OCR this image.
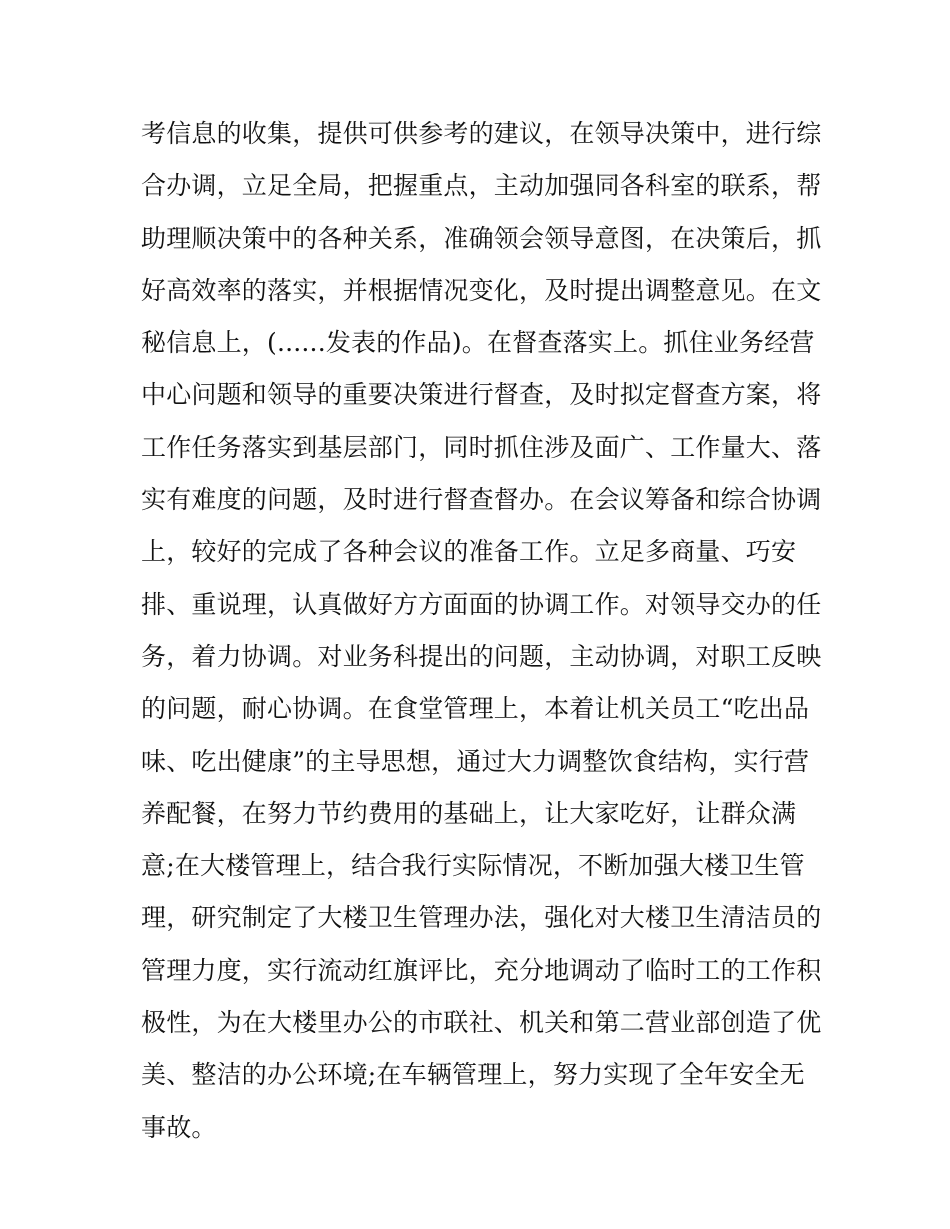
考信息的收集，提供可供参考的建议，在领导决策中，进行综
合办调，立足全局，把握重点，主动加强同各科室的联系，帮
助理顺决策中的各种关系，准确领会领导意图，在决策后，抓
好高效率的落实，并根据情况变化，及时提出调整意见。在文
秘信息上，(......发表的作品)。在督查落实上。抓住业务经营
中心问题和领导的重要决策进行督查，及时拟定督查方案，将
工作任务落实到基层部门，同时抓住涉及面广、工作量大、落
实有难度的问题，及时进行督查督办。在会议筹备和综合协调
上，较好的完成了各种会议的准备工作。立足多商量、巧安
排、重说理，认真做好方方面面的协调工作。对领导交办的任
务，着力协调。对业务科提出的问题，主动协调，对职工反映
的问题，耐心协调。在食堂管理上，本着让机关员工“吃出品
味、吃出健康”的主导思想，通过大力调整饮食结构，实行营
养配餐，在努力节约费用的基础上，让大家吃好，让群众满
意;在大楼管理上，结合我行实际情况，不断加强大楼卫生管
理，研究制定了大楼卫生管理办法，强化对大楼卫生清洁员的
管理力度，实行流动红旗评比，充分地调动了临时工的工作积
极性，为在大楼里办公的市联社、机关和第二营业部创造了优
美、整洁的办公环境;在车辆管理上，努力实现了全年安全无
事故。
